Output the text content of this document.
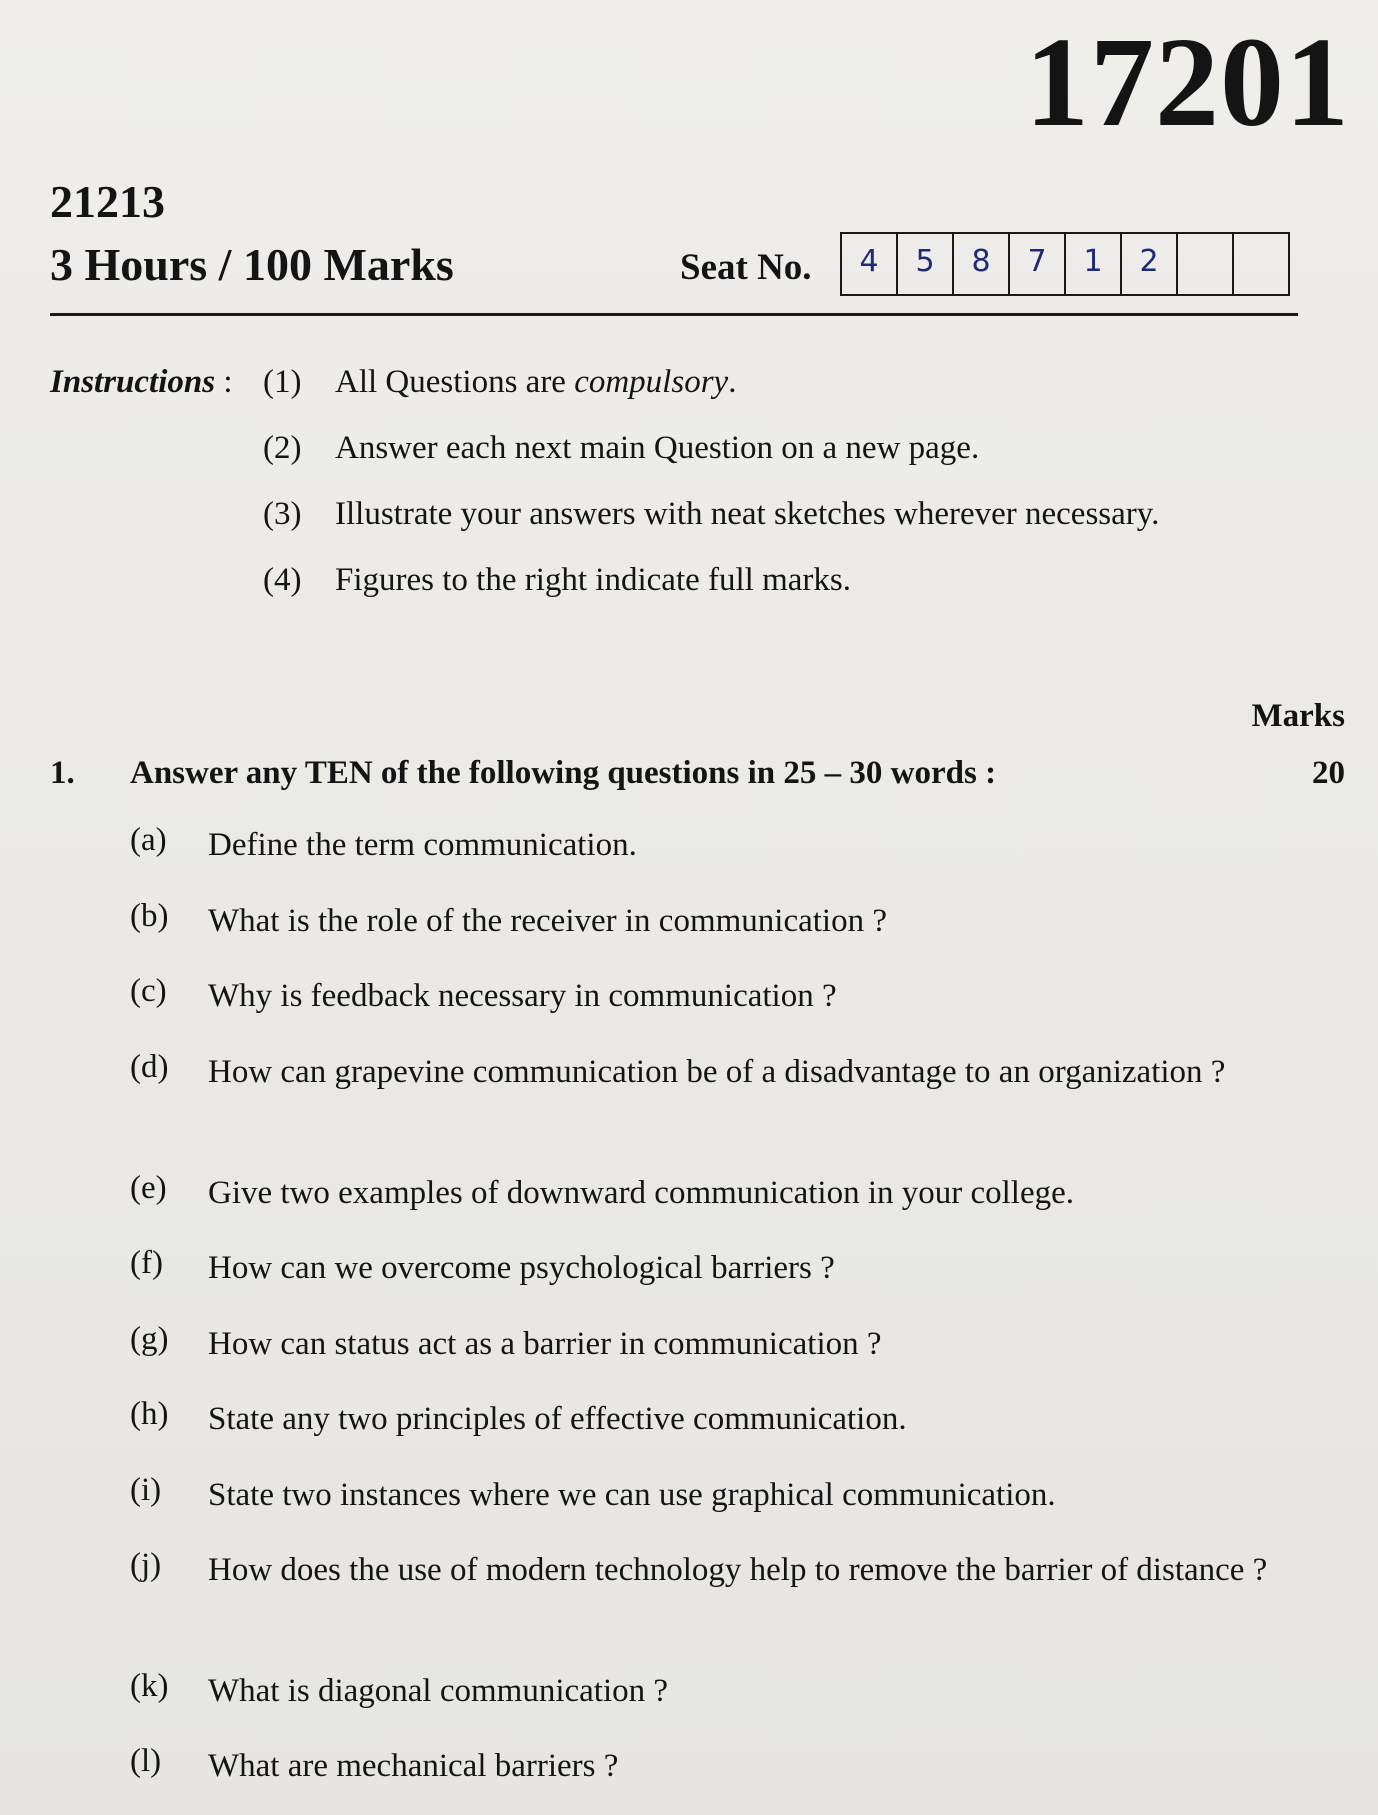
17201
21213
3 Hours / 100 Marks	Seat No.	4	5	8	7	1	2
Instructions : (1)	All Questions are compulsory.
(2)	Answer each next main Question on a new page.
(3)	Illustrate your answers with neat sketches wherever necessary.
(4)	Figures to the right indicate full marks.
Marks
1. Answer any TEN of the following questions in 25 – 30 words :	20
(a)	Define the term communication.
(b)	What is the role of the receiver in communication ?
(c)	Why is feedback necessary in communication ?
(d)	How can grapevine communication be of a disadvantage to an organization ?
(e)	Give two examples of downward communication in your college.
(f)	How can we overcome psychological barriers ?
(g)	How can status act as a barrier in communication ?
(h)	State any two principles of effective communication.
(i)	State two instances where we can use graphical communication.
(j)	How does the use of modern technology help to remove the barrier of distance ?
(k)	What is diagonal communication ?
(l)	What are mechanical barriers ?
